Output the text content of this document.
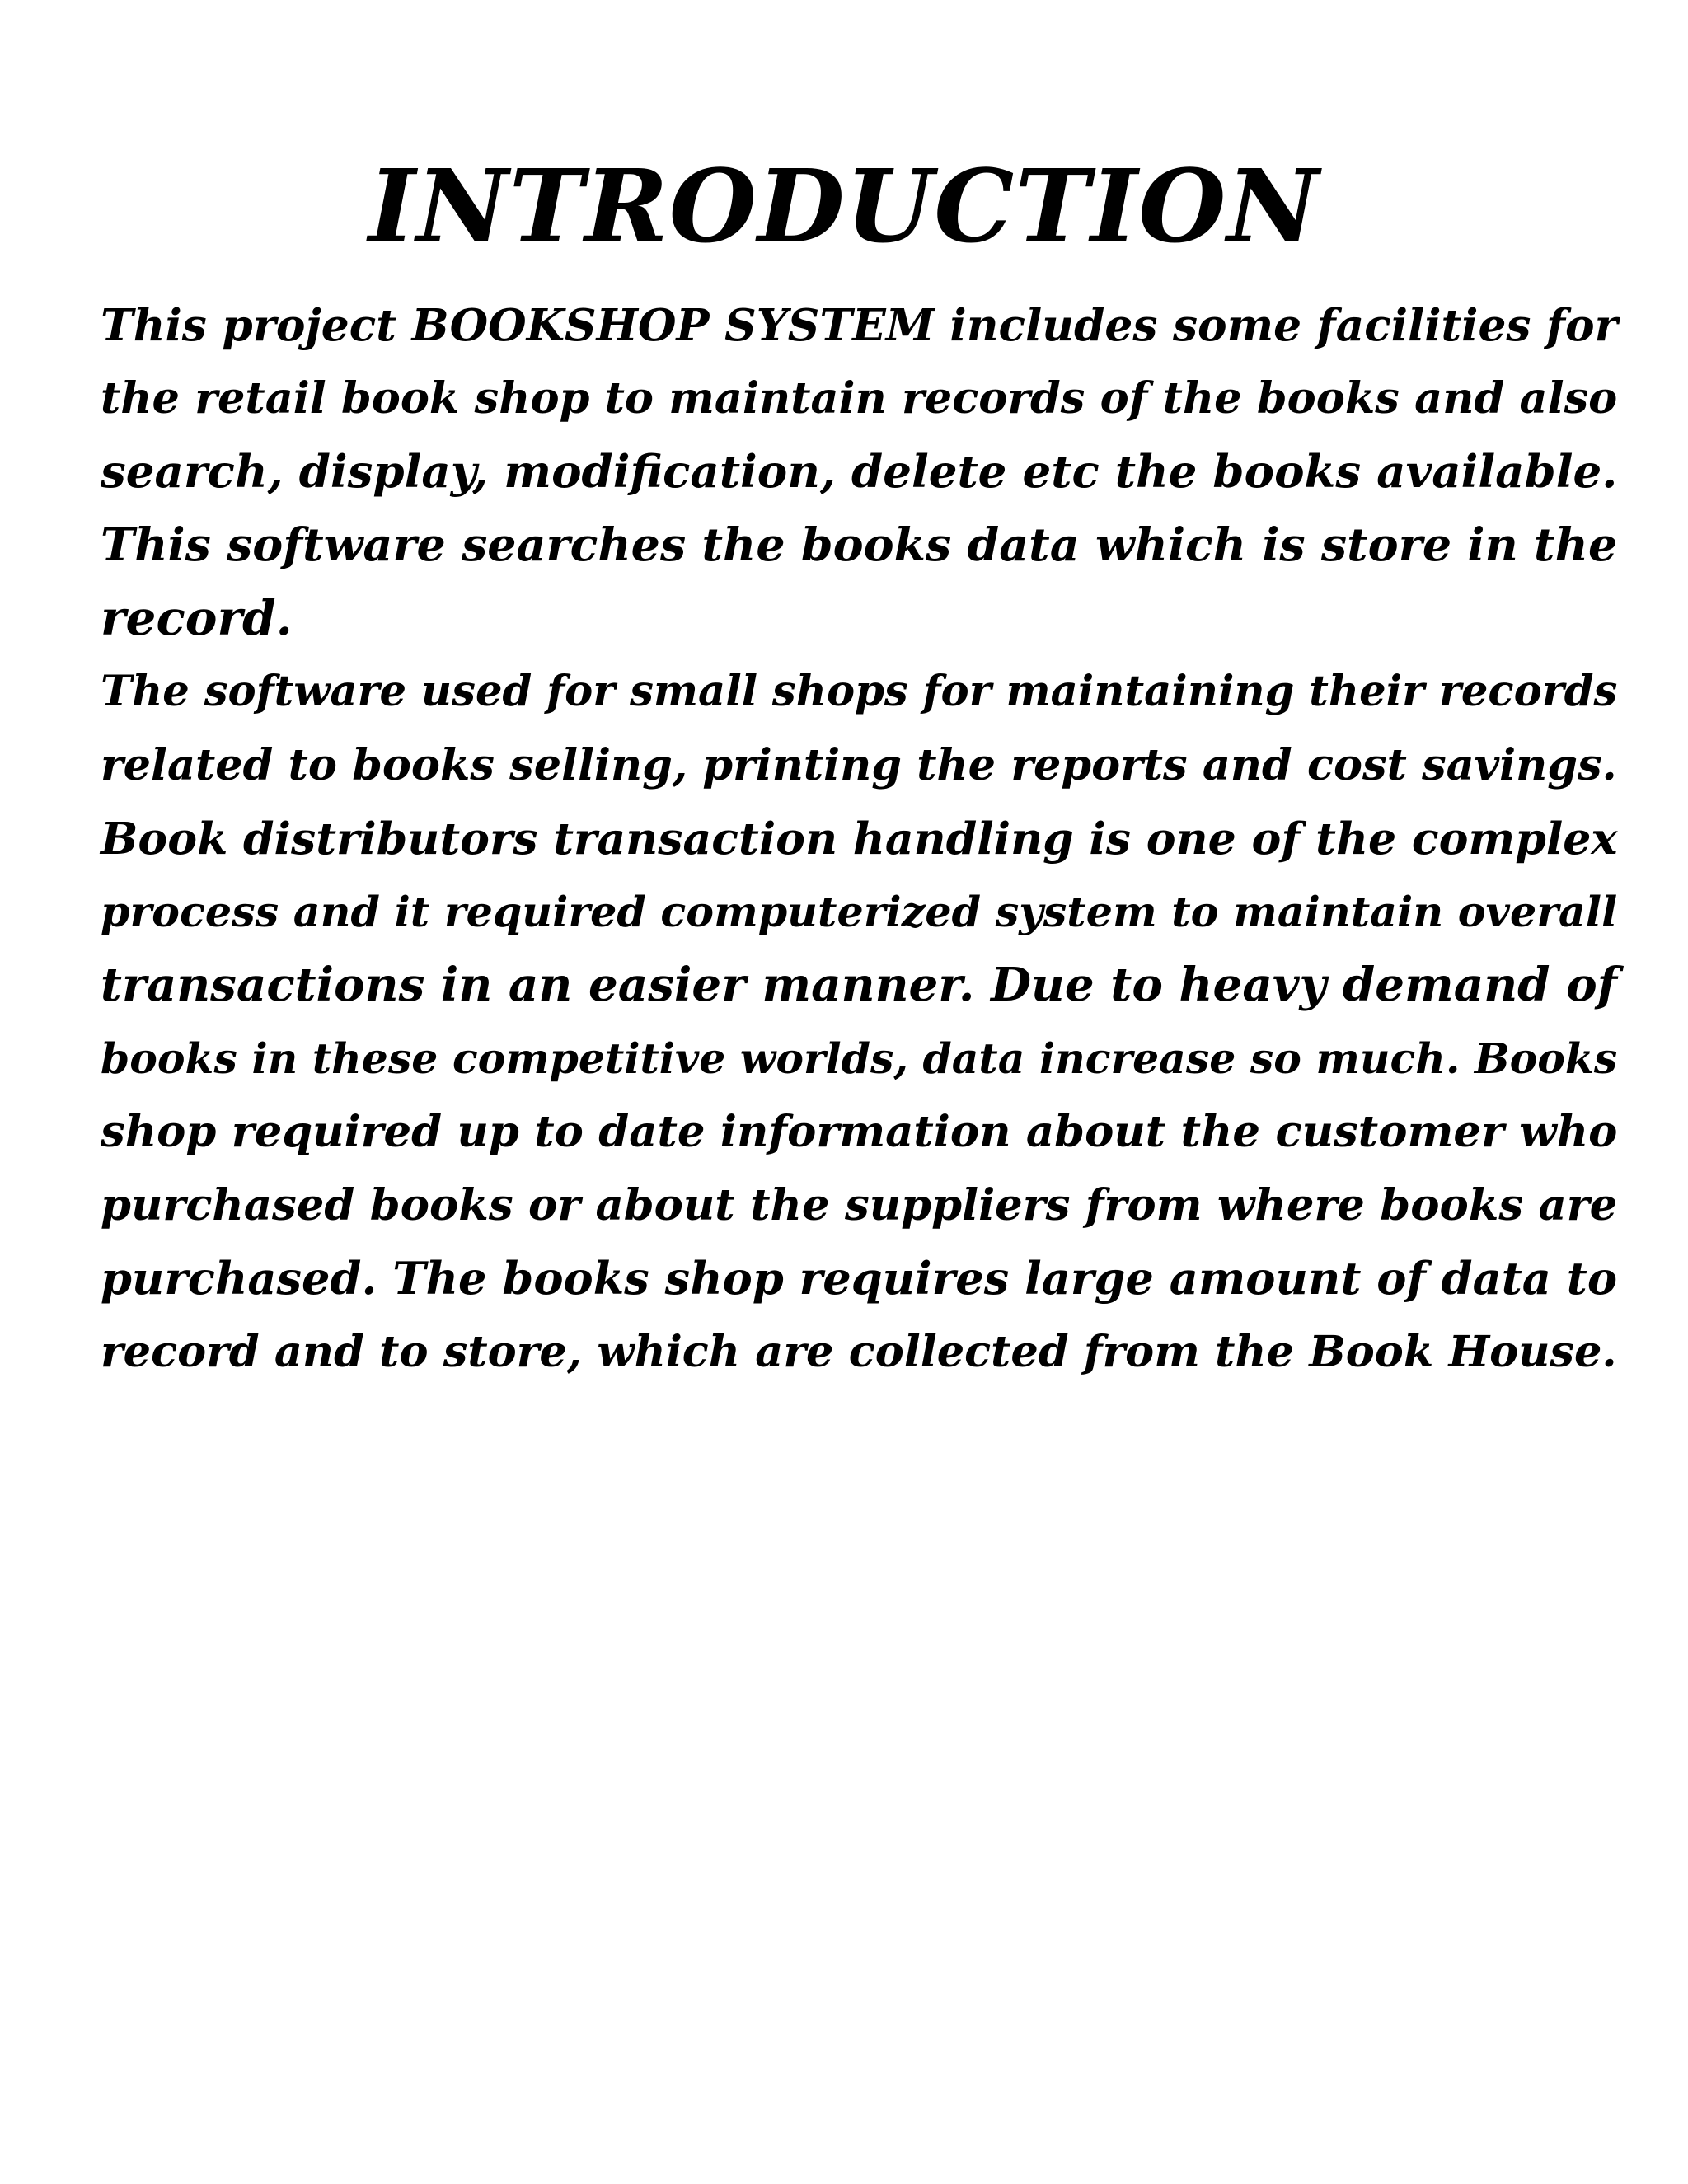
INTRODUCTION
This project BOOKSHOP SYSTEM includes some facilities for
the retail book shop to maintain records of the books and also
search, display, modification, delete etc the books available.
This software searches the books data which is store in the
record.
The software used for small shops for maintaining their records
related to books selling, printing the reports and cost savings.
Book distributors transaction handling is one of the complex
process and it required computerized system to maintain overall
transactions in an easier manner. Due to heavy demand of
books in these competitive worlds, data increase so much. Books
shop required up to date information about the customer who
purchased books or about the suppliers from where books are
purchased. The books shop requires large amount of data to
record and to store, which are collected from the Book House.
